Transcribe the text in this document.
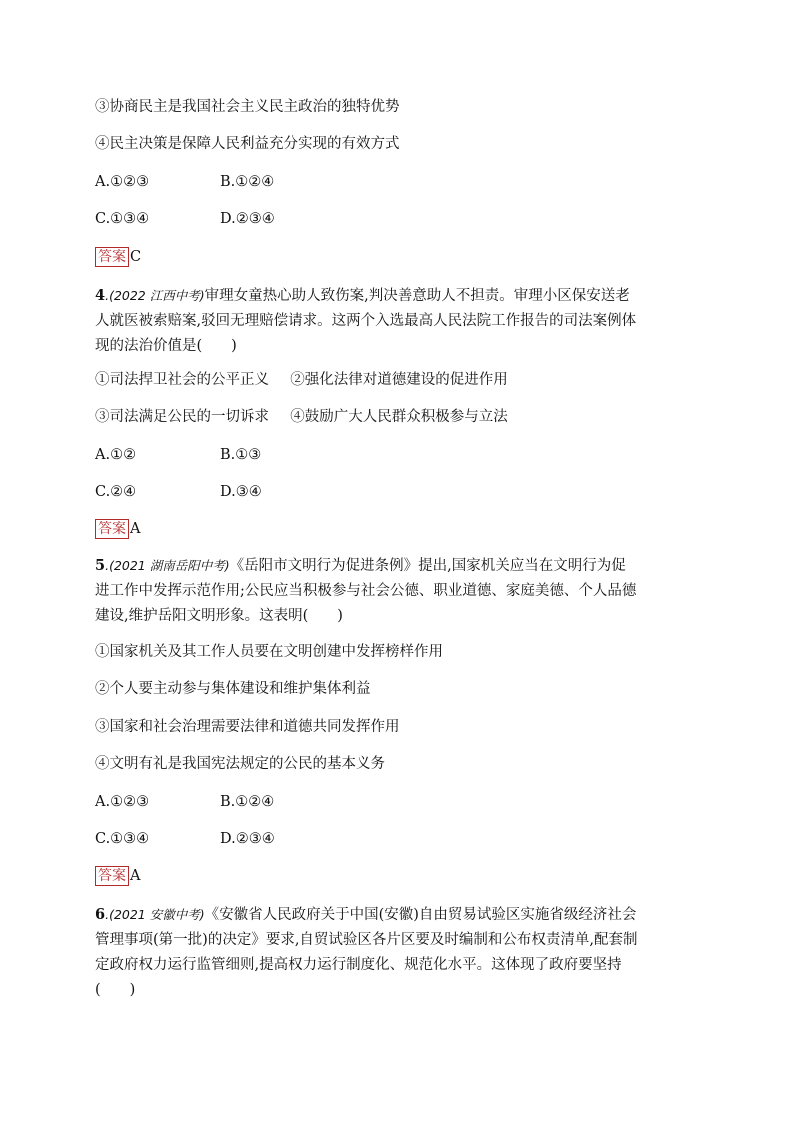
③协商民主是我国社会主义民主政治的独特优势
④民主决策是保障人民利益充分实现的有效方式
A.①②③	B.①②④
C.①③④	D.②③④
答案 C
4.(2022 江西中考)审理女童热心助人致伤案,判决善意助人不担责。审理小区保安送老
人就医被索赔案,驳回无理赔偿请求。这两个入选最高人民法院工作报告的司法案例体
现的法治价值是(　　)
①司法捍卫社会的公平正义 ②强化法律对道德建设的促进作用
③司法满足公民的一切诉求 ④鼓励广大人民群众积极参与立法
A.①②	B.①③
C.②④	D.③④
答案 A
5.(2021 湖南岳阳中考)《岳阳市文明行为促进条例》提出,国家机关应当在文明行为促
进工作中发挥示范作用;公民应当积极参与社会公德、职业道德、家庭美德、个人品德
建设,维护岳阳文明形象。这表明(　　)
①国家机关及其工作人员要在文明创建中发挥榜样作用
②个人要主动参与集体建设和维护集体利益
③国家和社会治理需要法律和道德共同发挥作用
④文明有礼是我国宪法规定的公民的基本义务
A.①②③	B.①②④
C.①③④	D.②③④
答案 A
6.(2021 安徽中考)《安徽省人民政府关于中国(安徽)自由贸易试验区实施省级经济社会
管理事项(第一批)的决定》要求,自贸试验区各片区要及时编制和公布权责清单,配套制
定政府权力运行监管细则,提高权力运行制度化、规范化水平。这体现了政府要坚持
(　　)
